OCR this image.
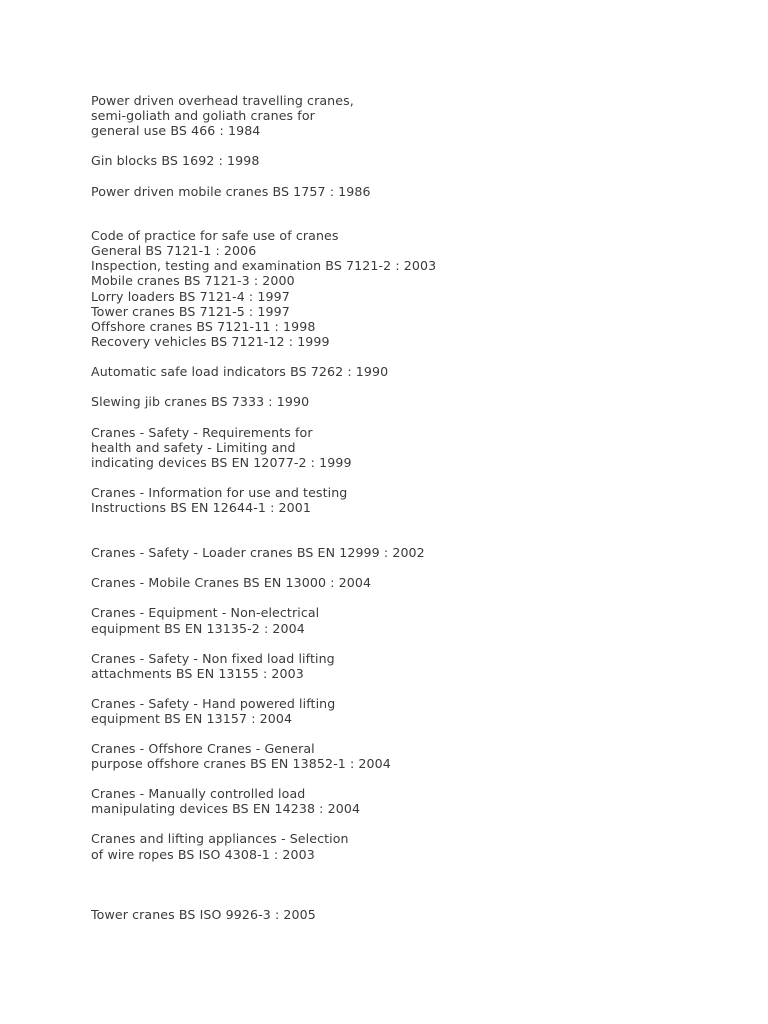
Power driven overhead travelling cranes,
semi-goliath and goliath cranes for
general use BS 466 : 1984
Gin blocks BS 1692 : 1998
Power driven mobile cranes BS 1757 : 1986
Code of practice for safe use of cranes
General BS 7121-1 : 2006
Inspection, testing and examination BS 7121-2 : 2003
Mobile cranes BS 7121-3 : 2000
Lorry loaders BS 7121-4 : 1997
Tower cranes BS 7121-5 : 1997
Offshore cranes BS 7121-11 : 1998
Recovery vehicles BS 7121-12 : 1999
Automatic safe load indicators BS 7262 : 1990
Slewing jib cranes BS 7333 : 1990
Cranes - Safety - Requirements for
health and safety - Limiting and
indicating devices BS EN 12077-2 : 1999
Cranes - Information for use and testing
Instructions BS EN 12644-1 : 2001
Cranes - Safety - Loader cranes BS EN 12999 : 2002
Cranes - Mobile Cranes BS EN 13000 : 2004
Cranes - Equipment - Non-electrical
equipment BS EN 13135-2 : 2004
Cranes - Safety - Non fixed load lifting
attachments BS EN 13155 : 2003
Cranes - Safety - Hand powered lifting
equipment BS EN 13157 : 2004
Cranes - Offshore Cranes - General
purpose offshore cranes BS EN 13852-1 : 2004
Cranes - Manually controlled load
manipulating devices BS EN 14238 : 2004
Cranes and lifting appliances - Selection
of wire ropes BS ISO 4308-1 : 2003
Tower cranes BS ISO 9926-3 : 2005
